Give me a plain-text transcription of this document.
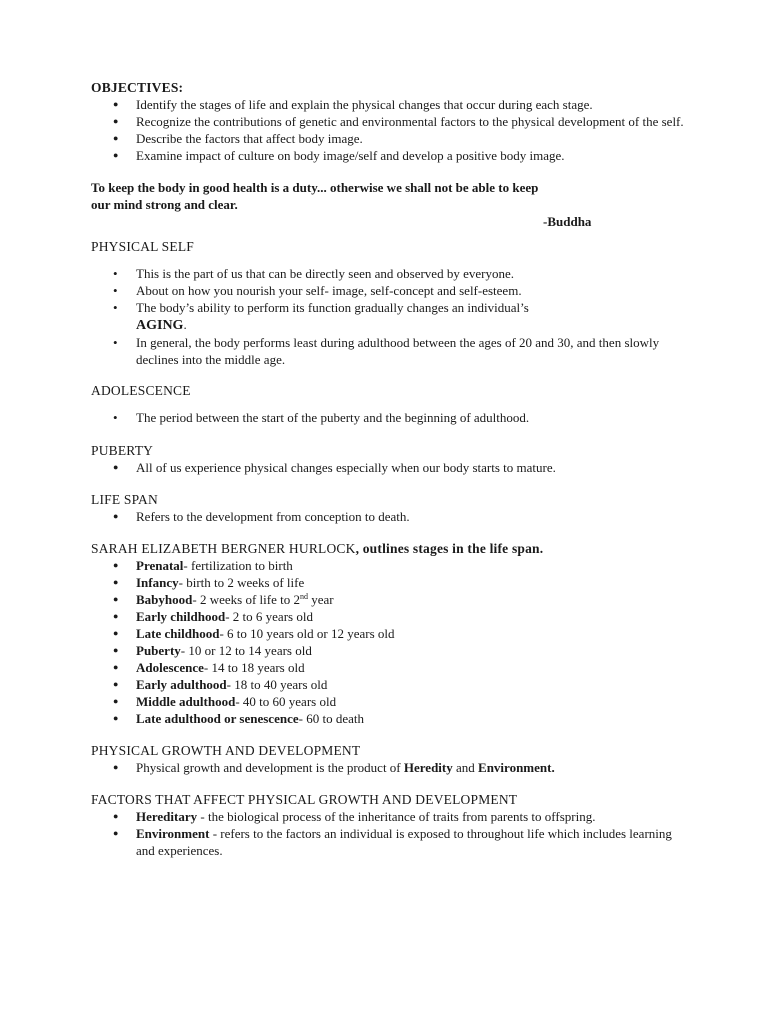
OBJECTIVES:

● Identify the stages of life and explain the physical changes that occur during each stage.
● Recognize the contributions of genetic and environmental factors to the physical development of the self.
● Describe the factors that affect body image.
● Examine impact of culture on body image/self and develop a positive body image.

To keep the body in good health is a duty... otherwise we shall not be able to keep

our mind strong and clear.

-Buddha

PHYSICAL SELF

• This is the part of us that can be directly seen and observed by everyone.
• About on how you nourish your self- image, self-concept and self-esteem.
• The body’s ability to perform its function gradually changes an individual’s
AGING.
• In general, the body performs least during adulthood between the ages of 20 and 30, and then slowly declines into the middle age.

ADOLESCENCE

• The period between the start of the puberty and the beginning of adulthood.

PUBERTY

● All of us experience physical changes especially when our body starts to mature.

LIFE SPAN

● Refers to the development from conception to death.

SARAH ELIZABETH BERGNER HURLOCK, outlines stages in the life span.

● Prenatal- fertilization to birth
● Infancy- birth to 2 weeks of life
● Babyhood- 2 weeks of life to 2nd year
● Early childhood- 2 to 6 years old
● Late childhood- 6 to 10 years old or 12 years old
● Puberty- 10 or 12 to 14 years old
● Adolescence- 14 to 18 years old
● Early adulthood- 18 to 40 years old
● Middle adulthood- 40 to 60 years old
● Late adulthood or senescence- 60 to death

PHYSICAL GROWTH AND DEVELOPMENT

● Physical growth and development is the product of Heredity and Environment.

FACTORS THAT AFFECT PHYSICAL GROWTH AND DEVELOPMENT

● Hereditary - the biological process of the inheritance of traits from parents to offspring.
● Environment - refers to the factors an individual is exposed to throughout life which includes learning and experiences.
